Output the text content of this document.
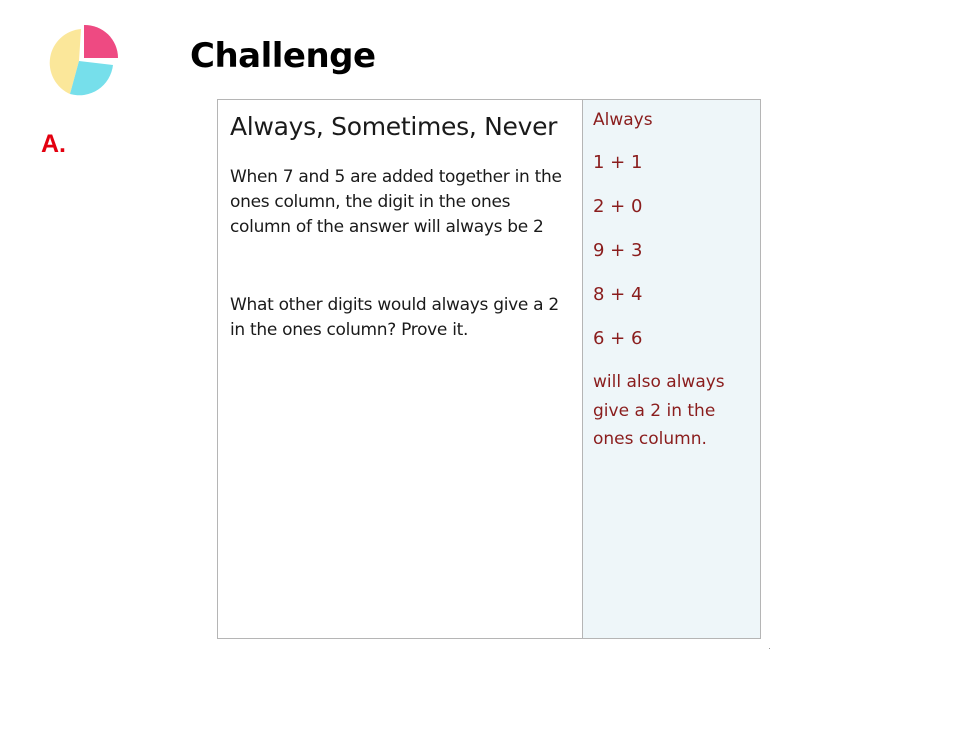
Challenge
A.

Always, Sometimes, Never

When 7 and 5 are added together in the ones column, the digit in the ones column of the answer will always be 2

What other digits would always give a 2 in the ones column? Prove it.

Always

1 + 1

2 + 0

9 + 3

8 + 4

6 + 6

will also always give a 2 in the ones column.
